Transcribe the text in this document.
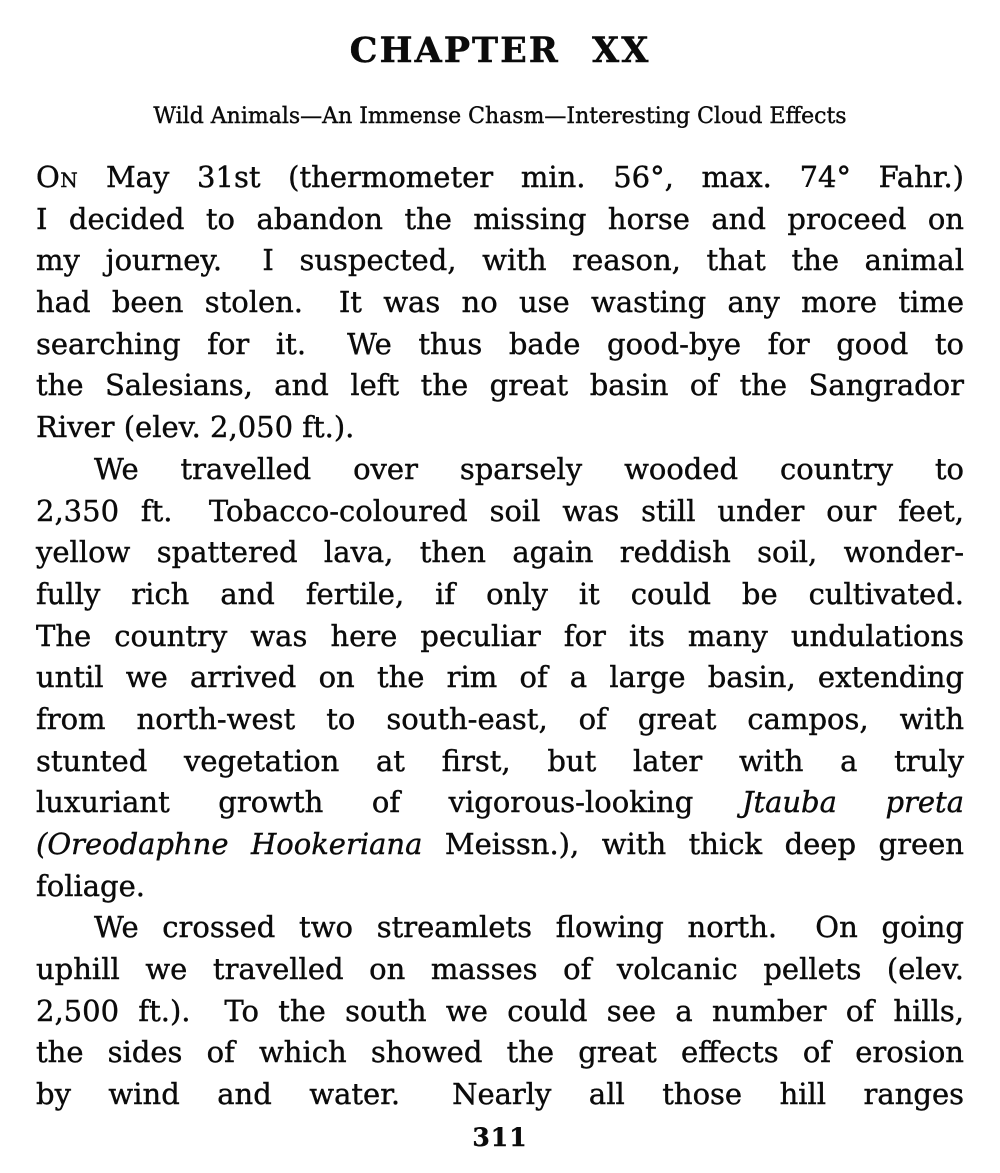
CHAPTER XX
Wild Animals—An Immense Chasm—Interesting Cloud Effects
On May 31st (thermometer min. 56°, max. 74° Fahr.)
I decided to abandon the missing horse and proceed on
my journey.  I suspected, with reason, that the animal
had been stolen.  It was no use wasting any more time
searching for it.  We thus bade good-bye for good to
the Salesians, and left the great basin of the Sangrador
River (elev. 2,050 ft.).
We travelled over sparsely wooded country to
2,350 ft.  Tobacco-coloured soil was still under our feet,
yellow spattered lava, then again reddish soil, wonder-
fully rich and fertile, if only it could be cultivated.
The country was here peculiar for its many undulations
until we arrived on the rim of a large basin, extending
from north-west to south-east, of great campos, with
stunted vegetation at first, but later with a truly
luxuriant growth of vigorous-looking Jtauba preta
(Oreodaphne Hookeriana Meissn.), with thick deep green
foliage.
We crossed two streamlets flowing north.  On going
uphill we travelled on masses of volcanic pellets (elev.
2,500 ft.).  To the south we could see a number of hills,
the sides of which showed the great effects of erosion
by wind and water.  Nearly all those hill ranges
311
